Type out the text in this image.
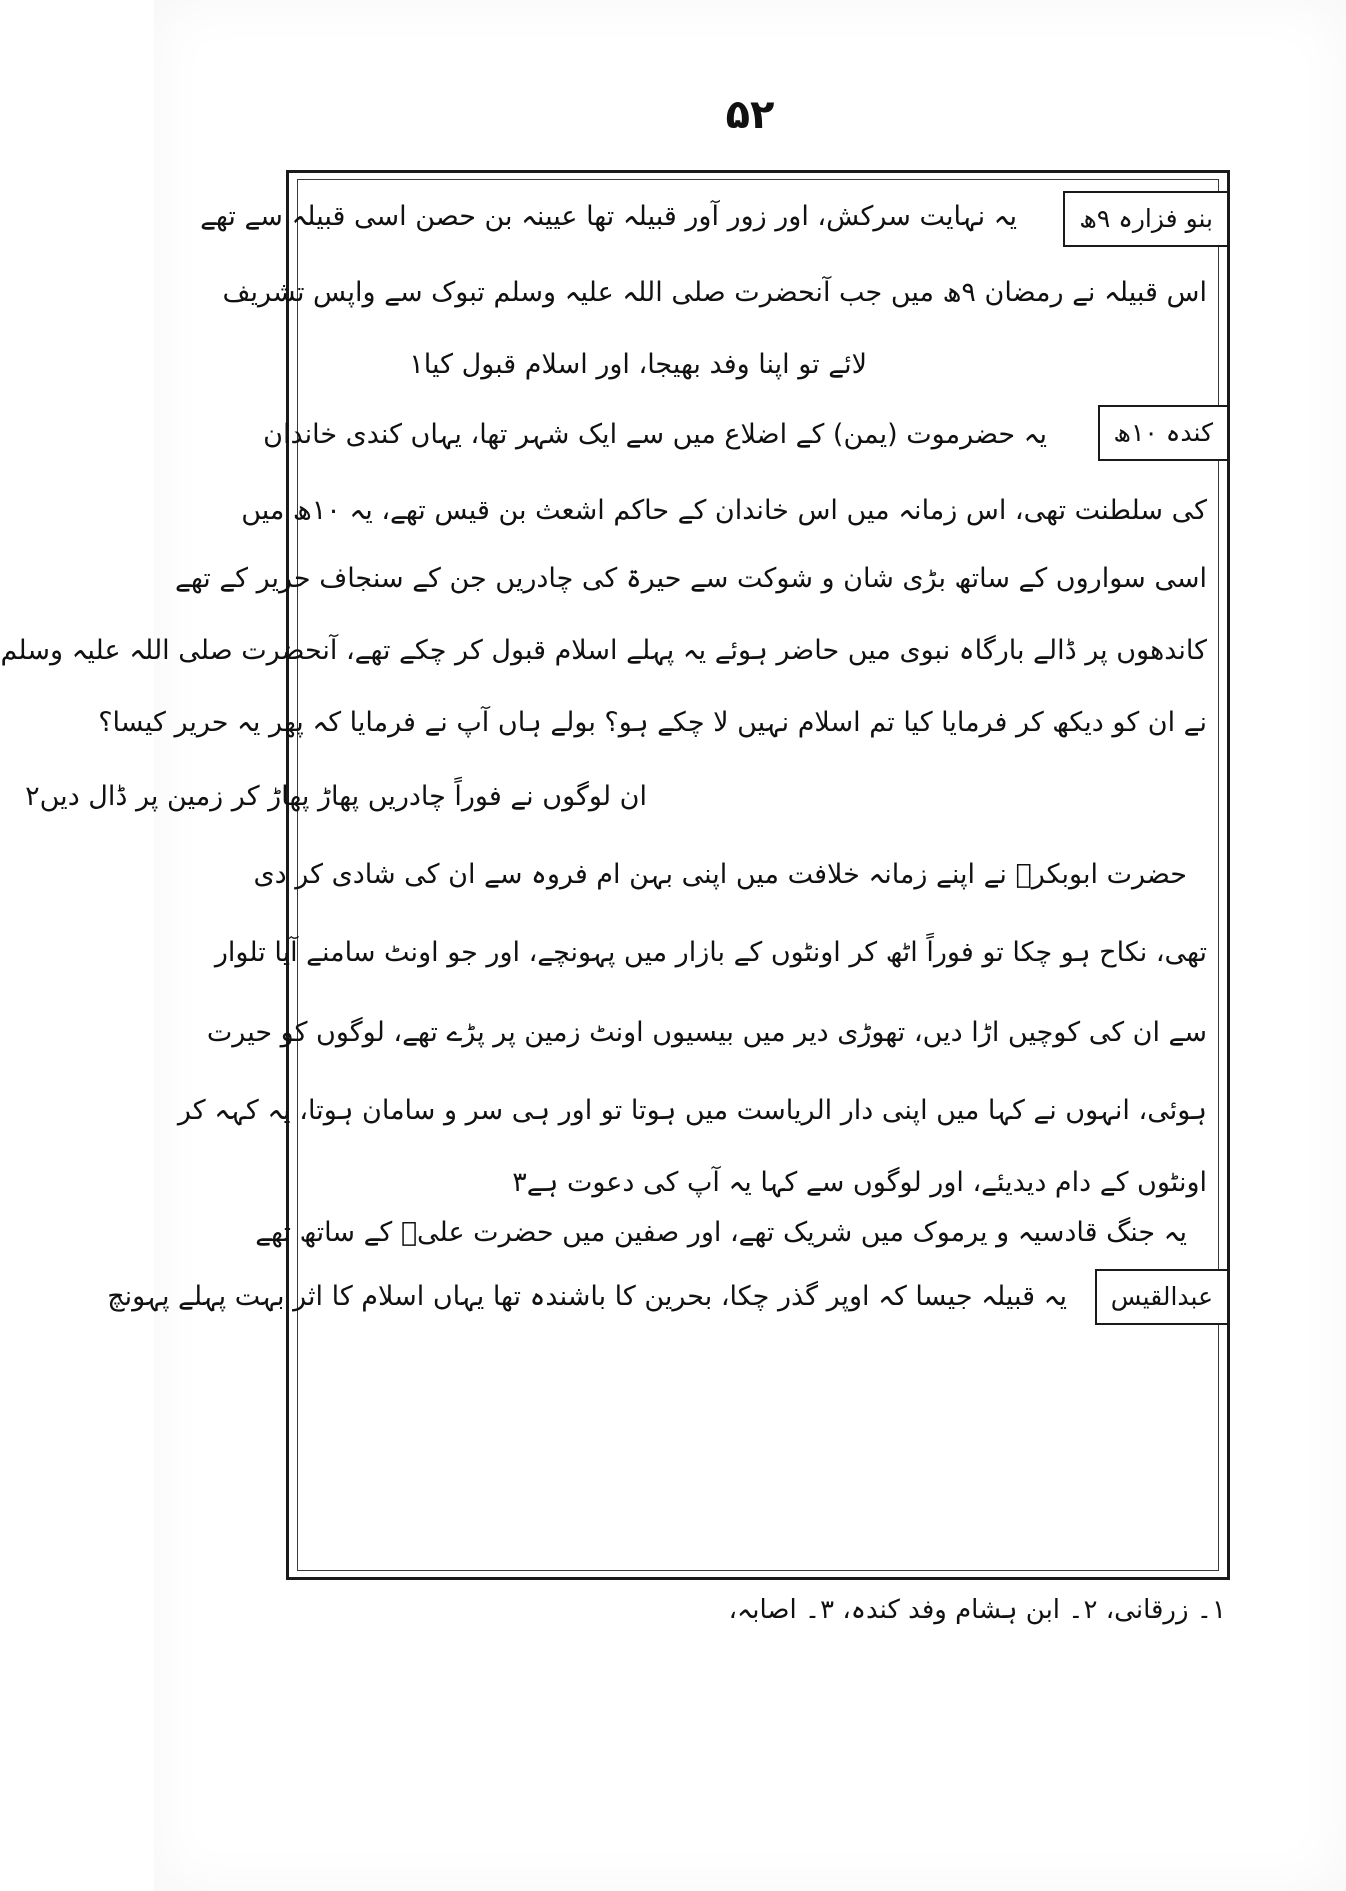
۵۲
بنو فزارہ ۹ھ
یہ نہایت سرکش، اور زور آور قبیلہ تھا عیینہ بن حصن اسی قبیلہ سے تھے
اس قبیلہ نے رمضان ۹ھ میں جب آنحضرت صلی اللہ علیہ وسلم تبوک سے واپس تشریف
لائے تو اپنا وفد بھیجا، اور اسلام قبول کیا۱
کندہ ۱۰ھ
یہ حضرموت (یمن) کے اضلاع میں سے ایک شہر تھا، یہاں کندی خاندان
کی سلطنت تھی، اس زمانہ میں اس خاندان کے حاکم اشعث بن قیس تھے، یہ ۱۰ھ میں
اسی سواروں کے ساتھ بڑی شان و شوکت سے حیرۃ کی چادریں جن کے سنجاف حریر کے تھے
کاندھوں پر ڈالے بارگاہ نبوی میں حاضر ہوئے یہ پہلے اسلام قبول کر چکے تھے، آنحضرت صلی اللہ علیہ وسلم
نے ان کو دیکھ کر فرمایا کیا تم اسلام نہیں لا چکے ہو؟ بولے ہاں آپ نے فرمایا کہ پھر یہ حریر کیسا؟
ان لوگوں نے فوراً چادریں پھاڑ پھاڑ کر زمین پر ڈال دیں۲
حضرت ابوبکرؓ نے اپنے زمانہ خلافت میں اپنی بہن ام فروہ سے ان کی شادی کر دی
تھی، نکاح ہو چکا تو فوراً اٹھ کر اونٹوں کے بازار میں پہونچے، اور جو اونٹ سامنے آیا تلوار
سے ان کی کوچیں اڑا دیں، تھوڑی دیر میں بیسیوں اونٹ زمین پر پڑے تھے، لوگوں کو حیرت
ہوئی، انہوں نے کہا میں اپنی دار الریاست میں ہوتا تو اور ہی سر و سامان ہوتا، یہ کہہ کر
اونٹوں کے دام دیدیئے، اور لوگوں سے کہا یہ آپ کی دعوت ہے۳
یہ جنگ قادسیہ و یرموک میں شریک تھے، اور صفین میں حضرت علیؓ کے ساتھ تھے
عبدالقیس
یہ قبیلہ جیسا کہ اوپر گذر چکا، بحرین کا باشندہ تھا یہاں اسلام کا اثر بہت پہلے پہونچ
۱۔ زرقانی، ۲۔ ابن ہشام وفد کندہ، ۳۔ اصابہ،
